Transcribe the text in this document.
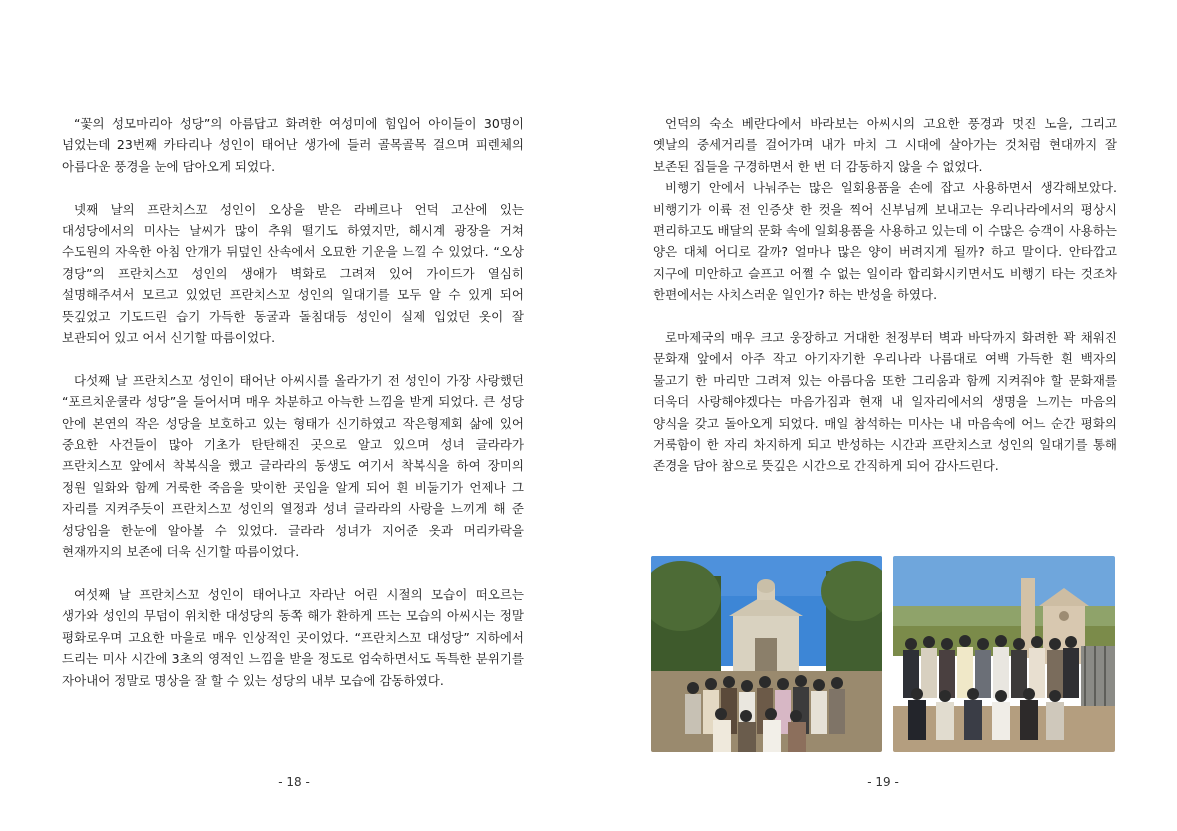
“꽃의 성모마리아 성당”의 아름답고 화려한 여성미에 힘입어 아이들이 30명이 넘었는데 23번째 카타리나 성인이 태어난 생가에 들러 골목골목 걸으며 피렌체의 아름다운 풍경을 눈에 담아오게 되었다.

넷째 날의 프란치스꼬 성인이 오상을 받은 라베르나 언덕 고산에 있는 대성당에서의 미사는 날씨가 많이 추워 떨기도 하였지만, 해시계 광장을 거쳐 수도원의 자욱한 아침 안개가 뒤덮인 산속에서 오묘한 기운을 느낄 수 있었다. “오상 경당”의 프란치스꼬 성인의 생애가 벽화로 그려져 있어 가이드가 열심히 설명해주셔서 모르고 있었던 프란치스꼬 성인의 일대기를 모두 알 수 있게 되어 뜻깊었고 기도드린 습기 가득한 동굴과 돌침대등 성인이 실제 입었던 옷이 잘 보관되어 있고 어서 신기할 따름이었다.

다섯째 날 프란치스꼬 성인이 태어난 아씨시를 올라가기 전 성인이 가장 사랑했던 “포르치운쿨라 성당”을 들어서며 매우 차분하고 아늑한 느낌을 받게 되었다. 큰 성당 안에 본연의 작은 성당을 보호하고 있는 형태가 신기하였고 작은형제회 삶에 있어 중요한 사건들이 많아 기초가 탄탄해진 곳으로 알고 있으며 성녀 글라라가 프란치스꼬 앞에서 착복식을 했고 글라라의 동생도 여기서 착복식을 하여 장미의 정원 일화와 함께 거룩한 죽음을 맞이한 곳임을 알게 되어 흰 비둘기가 언제나 그 자리를 지켜주듯이 프란치스꼬 성인의 열정과 성녀 글라라의 사랑을 느끼게 해 준 성당임을 한눈에 알아볼 수 있었다. 글라라 성녀가 지어준 옷과 머리카락을 현재까지의 보존에 더욱 신기할 따름이었다.

여섯째 날 프란치스꼬 성인이 태어나고 자라난 어린 시절의 모습이 떠오르는 생가와 성인의 무덤이 위치한 대성당의 동쪽 해가 환하게 뜨는 모습의 아씨시는 정말 평화로우며 고요한 마을로 매우 인상적인 곳이었다. “프란치스꼬 대성당” 지하에서 드리는 미사 시간에 3초의 영적인 느낌을 받을 정도로 엄숙하면서도 독특한 분위기를 자아내어 정말로 명상을 잘 할 수 있는 성당의 내부 모습에 감동하였다.

- 18 -

언덕의 숙소 베란다에서 바라보는 아씨시의 고요한 풍경과 멋진 노을, 그리고 옛날의 중세거리를 걸어가며 내가 마치 그 시대에 살아가는 것처럼 현대까지 잘 보존된 집들을 구경하면서 한 번 더 감동하지 않을 수 없었다.

비행기 안에서 나눠주는 많은 일회용품을 손에 잡고 사용하면서 생각해보았다. 비행기가 이륙 전 인증샷 한 컷을 찍어 신부님께 보내고는 우리나라에서의 평상시 편리하고도 배달의 문화 속에 일회용품을 사용하고 있는데 이 수많은 승객이 사용하는 양은 대체 어디로 갈까? 얼마나 많은 양이 버려지게 될까? 하고 말이다. 안타깝고 지구에 미안하고 슬프고 어쩔 수 없는 일이라 합리화시키면서도 비행기 타는 것조차 한편에서는 사치스러운 일인가? 하는 반성을 하였다.

로마제국의 매우 크고 웅장하고 거대한 천정부터 벽과 바닥까지 화려한 꽉 채워진 문화재 앞에서 아주 작고 아기자기한 우리나라 나름대로 여백 가득한 흰 백자의 물고기 한 마리만 그려져 있는 아름다움 또한 그리움과 함께 지켜줘야 할 문화재를 더욱더 사랑해야겠다는 마음가짐과 현재 내 일자리에서의 생명을 느끼는 마음의 양식을 갖고 돌아오게 되었다. 매일 참석하는 미사는 내 마음속에 어느 순간 평화의 거룩함이 한 자리 차지하게 되고 반성하는 시간과 프란치스코 성인의 일대기를 통해 존경을 담아 참으로 뜻깊은 시간으로 간직하게 되어 감사드린다.

- 19 -
